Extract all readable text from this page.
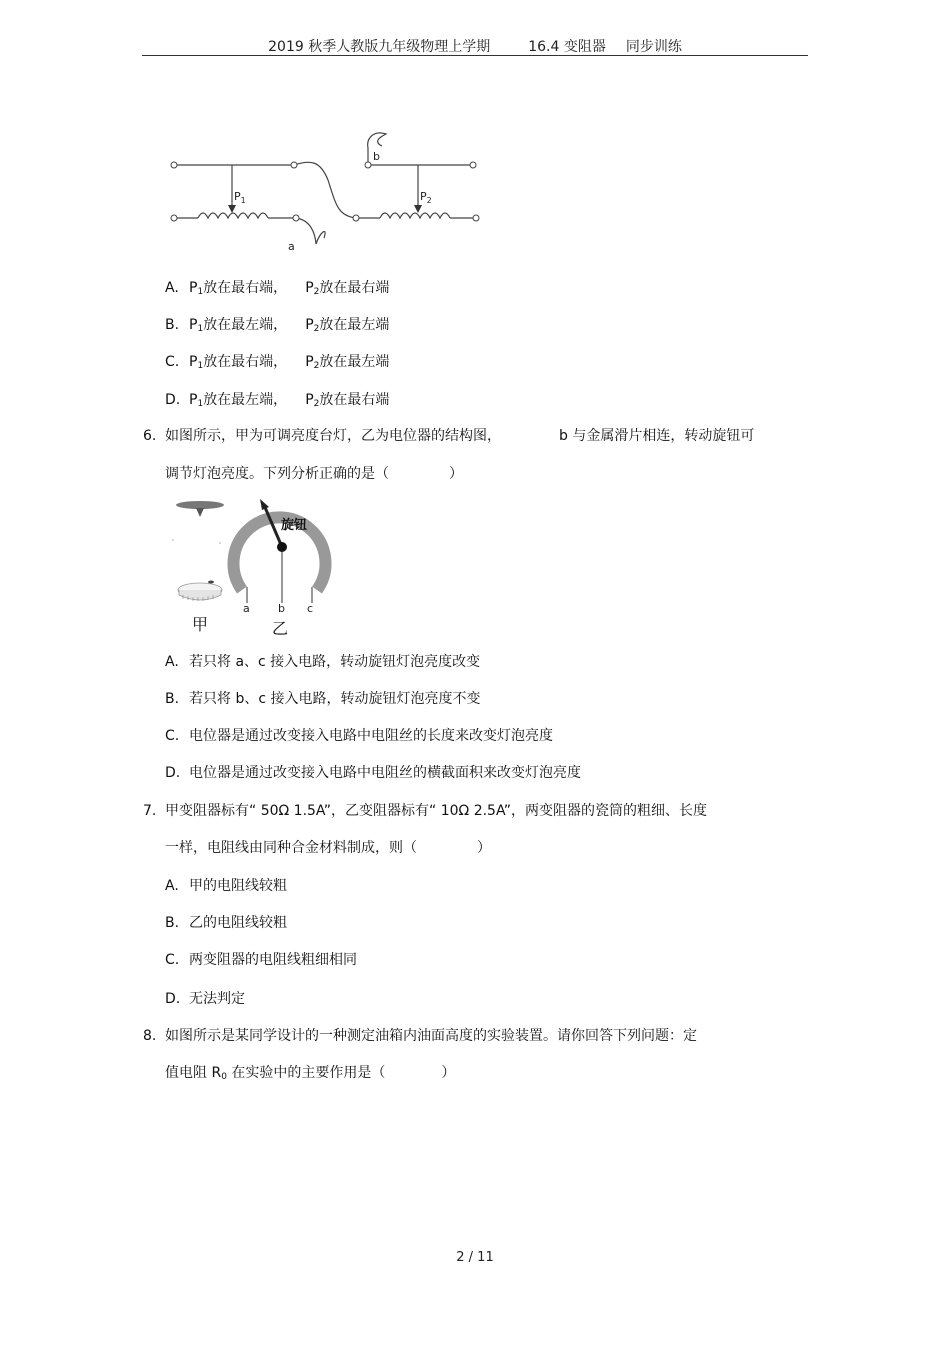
2019 秋季人教版九年级物理上学期	16.4 变阻器 同步训练
$P_1$	$P_2$
a
b
A. $P_1$放在最右端， $P_2$放在最右端
B. $P_1$放在最左端， $P_2$放在最左端
C. $P_1$放在最右端， $P_2$放在最左端
D. $P_1$放在最左端， $P_2$放在最右端
6. 如图所示，甲为可调亮度台灯，乙为电位器的结构图，	b 与金属滑片相连，转动旋钮可
调节灯泡亮度。下列分析正确的是（	）
甲
旋钮
a	b c
乙
A. 若只将 a、c 接入电路，转动旋钮灯泡亮度改变
B. 若只将 b、c 接入电路，转动旋钮灯泡亮度不变
C. 电位器是通过改变接入电路中电阻丝的长度来改变灯泡亮度
D. 电位器是通过改变接入电路中电阻丝的横截面积来改变灯泡亮度
7. 甲变阻器标有“ 50Ω 1.5A”，乙变阻器标有“ 10Ω 2.5A”，两变阻器的瓷筒的粗细、长度
一样，电阻线由同种合金材料制成，则（	）
A. 甲的电阻线较粗
B. 乙的电阻线较粗
C. 两变阻器的电阻线粗细相同
D. 无法判定
8. 如图所示是某同学设计的一种测定油箱内油面高度的实验装置。请你回答下列问题：定
值电阻 $R_0$ 在实验中的主要作用是（	）
2 / 11
